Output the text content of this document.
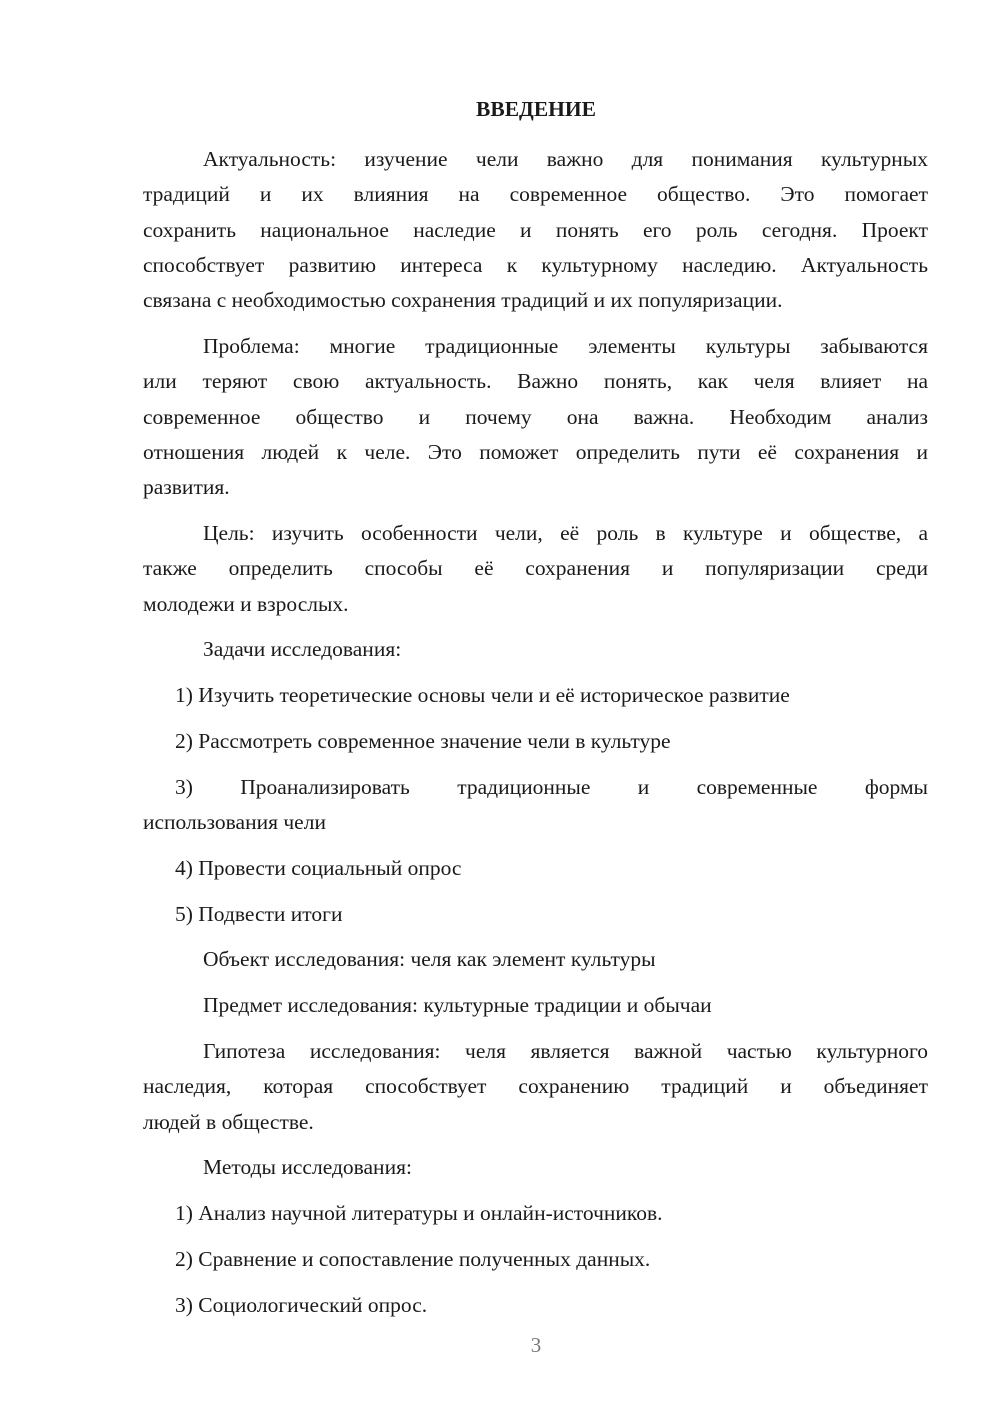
ВВЕДЕНИЕ
Актуальность: изучение чели важно для понимания культурных
традиций и их влияния на современное общество. Это помогает
сохранить национальное наследие и понять его роль сегодня. Проект
способствует развитию интереса к культурному наследию. Актуальность
связана с необходимостью сохранения традиций и их популяризации.
Проблема: многие традиционные элементы культуры забываются
или теряют свою актуальность. Важно понять, как челя влияет на
современное общество и почему она важна. Необходим анализ
отношения людей к челе. Это поможет определить пути её сохранения и
развития.
Цель: изучить особенности чели, её роль в культуре и обществе, а
также определить способы её сохранения и популяризации среди
молодежи и взрослых.
Задачи исследования:
1) Изучить теоретические основы чели и её историческое развитие
2) Рассмотреть современное значение чели в культуре
3) Проанализировать традиционные и современные формы
использования чели
4) Провести социальный опрос
5) Подвести итоги
Объект исследования: челя как элемент культуры
Предмет исследования: культурные традиции и обычаи
Гипотеза исследования: челя является важной частью культурного
наследия, которая способствует сохранению традиций и объединяет
людей в обществе.
Методы исследования:
1) Анализ научной литературы и онлайн-источников.
2) Сравнение и сопоставление полученных данных.
3) Социологический опрос.
3
